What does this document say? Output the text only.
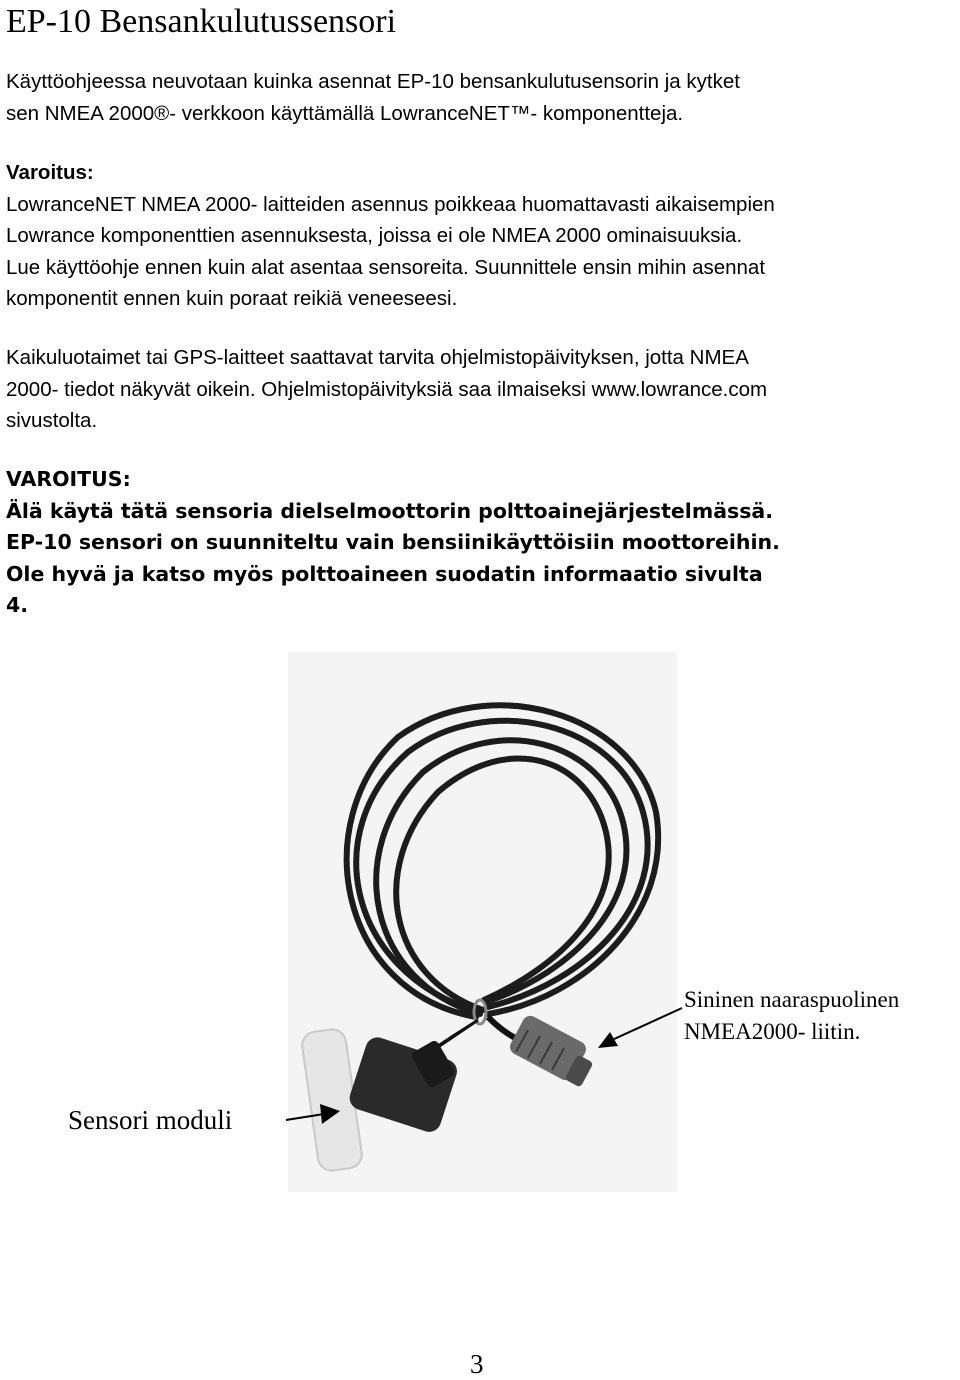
EP-10 Bensankulutussensori

Käyttöohjeessa neuvotaan kuinka asennat EP-10 bensankulutusensorin ja kytket
sen NMEA 2000®- verkkoon käyttämällä LowranceNET™- komponentteja.

Varoitus:

LowranceNET NMEA 2000- laitteiden asennus poikkeaa huomattavasti aikaisempien
Lowrance komponenttien asennuksesta, joissa ei ole NMEA 2000 ominaisuuksia.
Lue käyttöohje ennen kuin alat asentaa sensoreita. Suunnittele ensin mihin asennat
komponentit ennen kuin poraat reikiä veneeseesi.

Kaikuluotaimet tai GPS-laitteet saattavat tarvita ohjelmistopäivityksen, jotta NMEA
2000- tiedot näkyvät oikein. Ohjelmistopäivityksiä saa ilmaiseksi www.lowrance.com
sivustolta.

VAROITUS:

Älä käytä tätä sensoria dielselmoottorin polttoainejärjestelmässä.
EP-10 sensori on suunniteltu vain bensiinikäyttöisiin moottoreihin.
Ole hyvä ja katso myös polttoaineen suodatin informaatio sivulta
4.

Sininen naaraspuolinen
NMEA2000- liitin.
Sensori moduli
3
